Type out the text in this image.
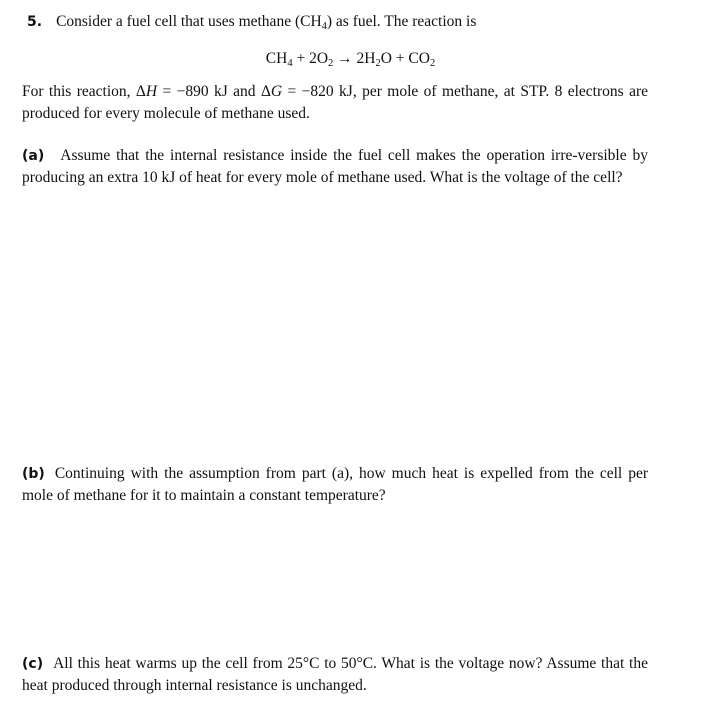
5. Consider a fuel cell that uses methane $(CH_4)$ as fuel. The reaction is
$CH_4 + 2O_2 \to 2H_2O + CO_2$
For this reaction, ΔH = −890 kJ and ΔG = −820 kJ, per mole of methane, at STP. 8 electrons are produced for every molecule of methane used.
(a) Assume that the internal resistance inside the fuel cell makes the operation irre-versible by producing an extra 10 kJ of heat for every mole of methane used. What is the voltage of the cell?
(b) Continuing with the assumption from part (a), how much heat is expelled from the cell per mole of methane for it to maintain a constant temperature?
(c) All this heat warms up the cell from 25°C to 50°C. What is the voltage now? Assume that the heat produced through internal resistance is unchanged.
